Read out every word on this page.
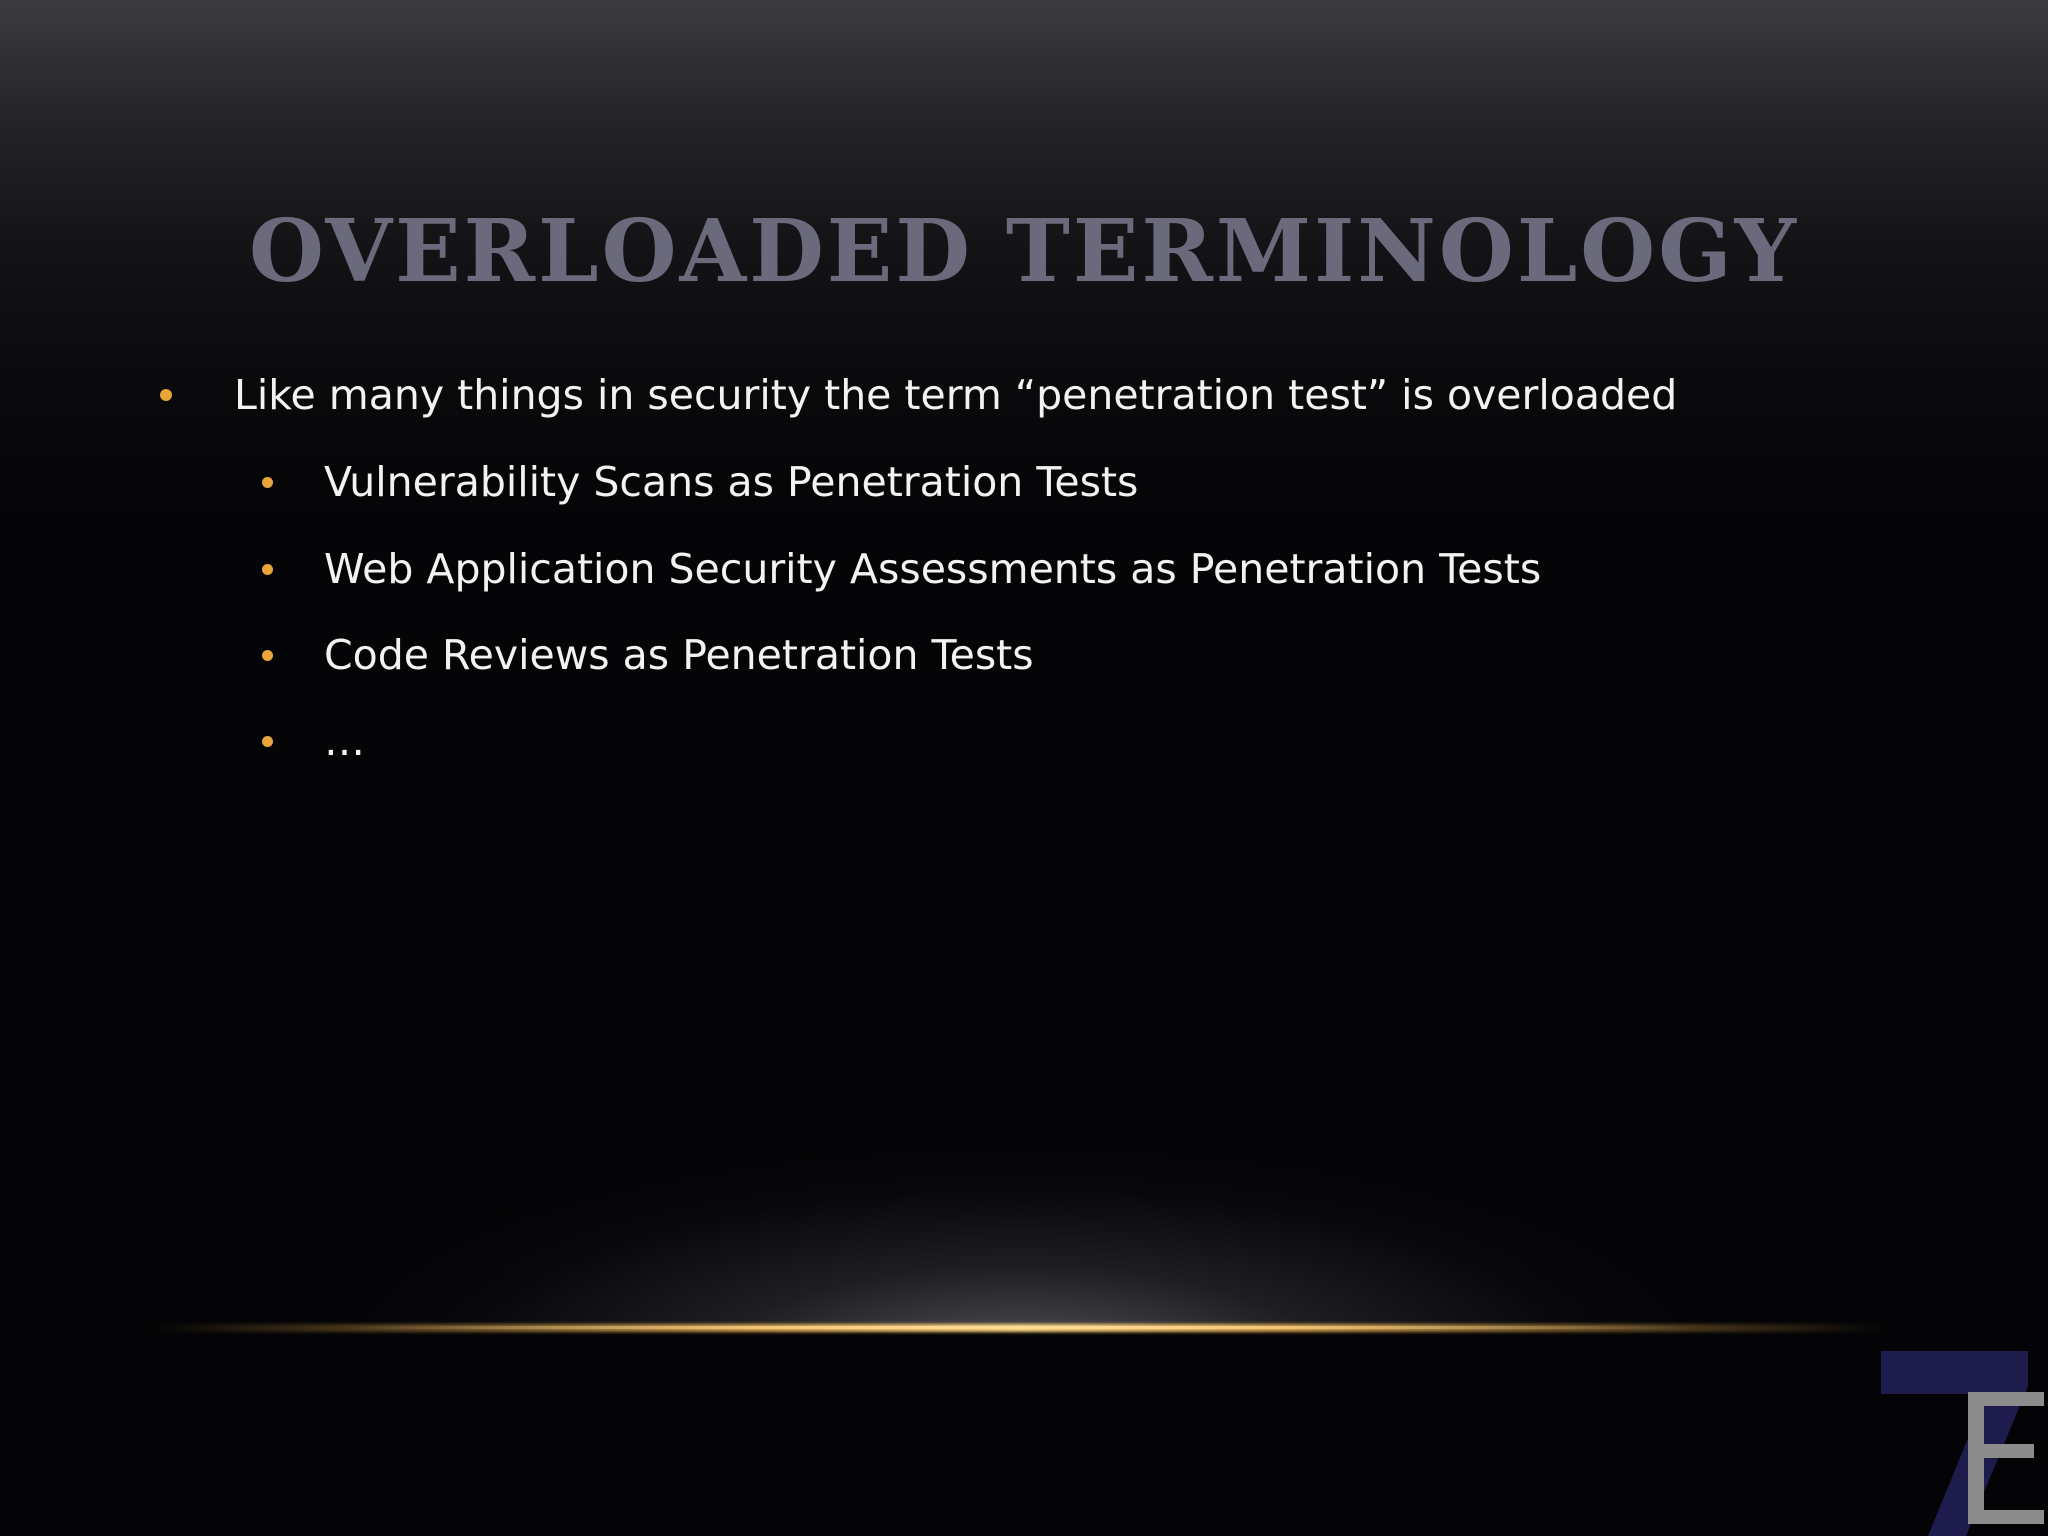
OVERLOADED TERMINOLOGY
Like many things in security the term “penetration test” is overloaded
Vulnerability Scans as Penetration Tests
Web Application Security Assessments as Penetration Tests
Code Reviews as Penetration Tests
…
